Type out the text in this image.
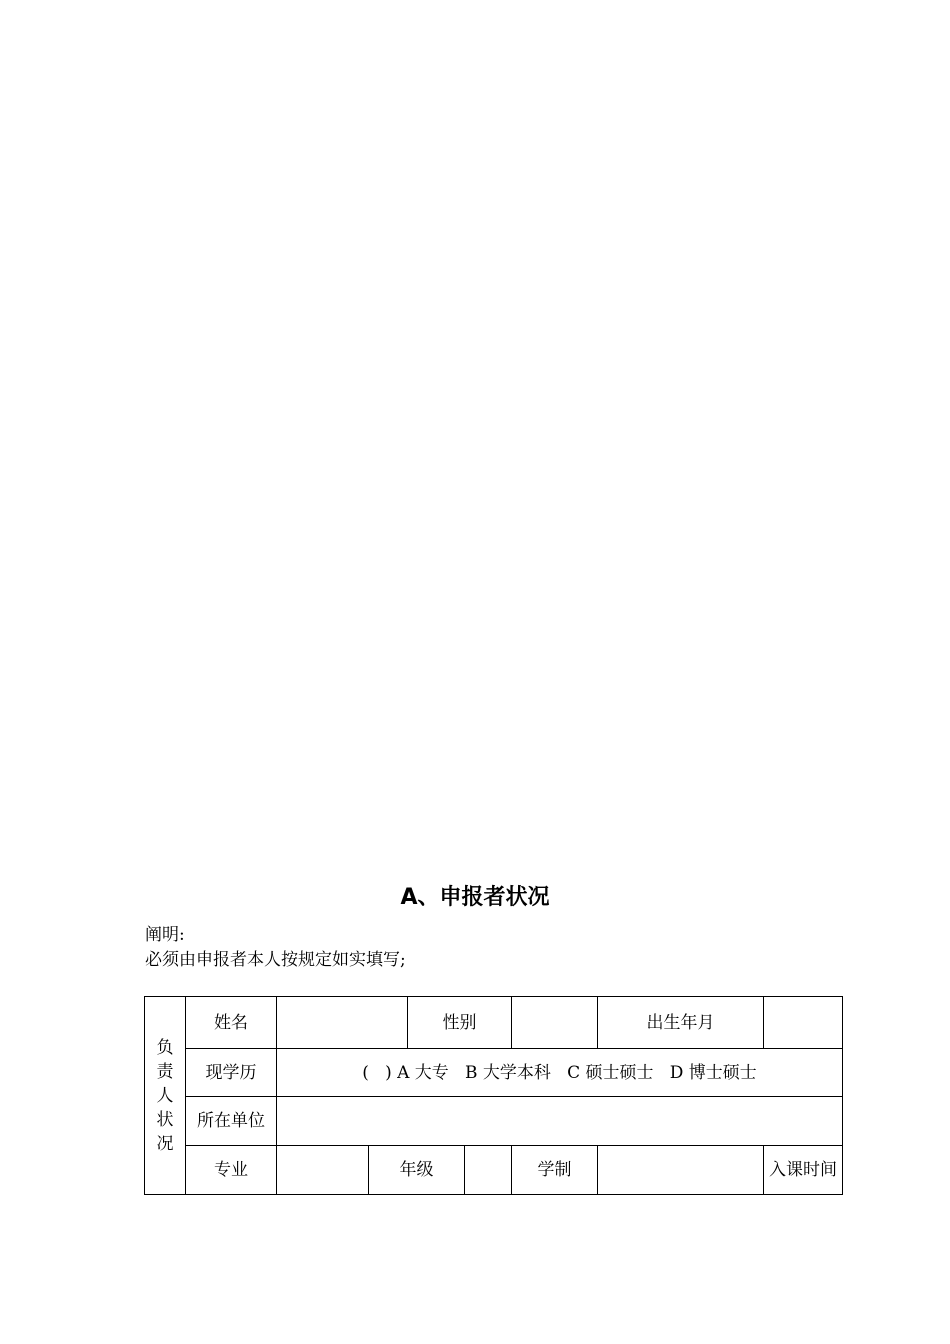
A、申报者状况
阐明:
必须由申报者本人按规定如实填写;
负责人状况	姓名			性别			出生年月		
	现学历	(   ) A 大专   B 大学本科   C 硕士硕士   D 博士硕士							
	所在单位								
	专业		年级			学制		入课时间	
